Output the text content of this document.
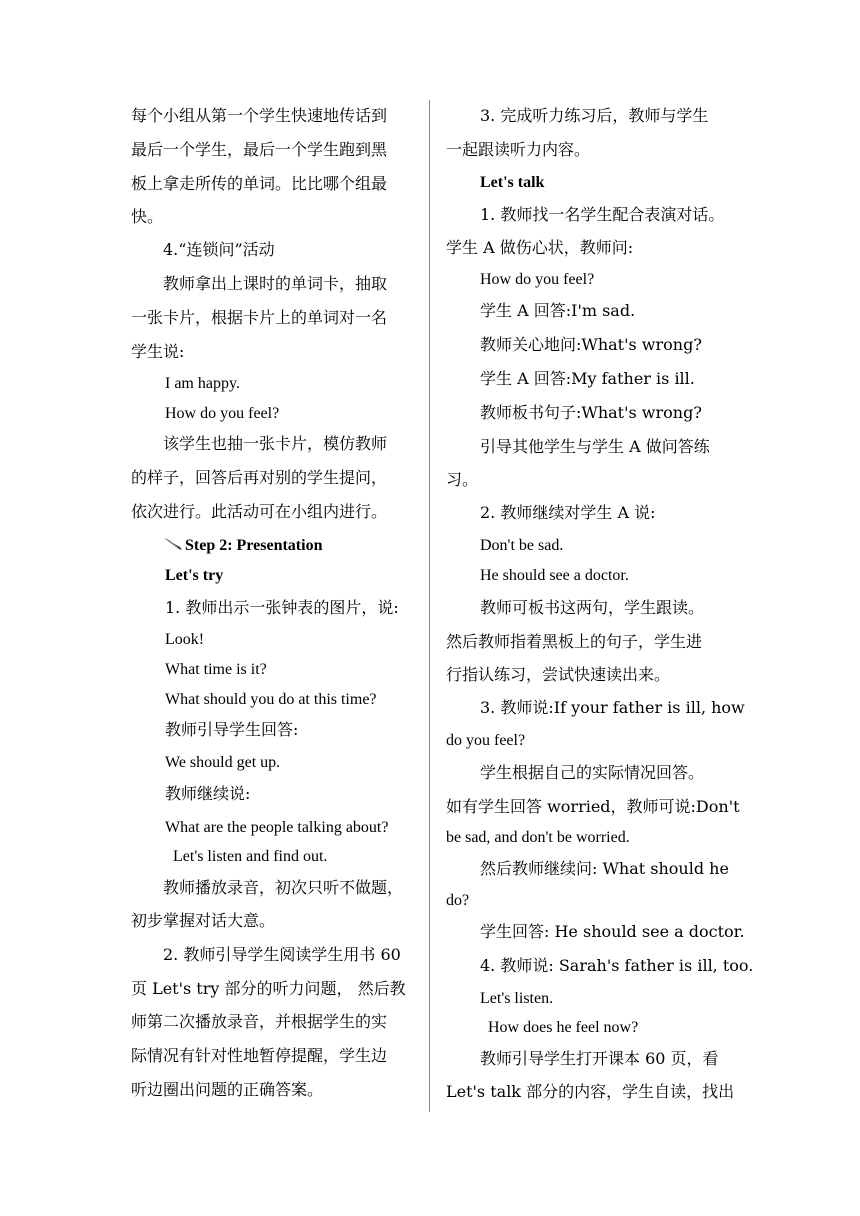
每个小组从第一个学生快速地传话到
最后一个学生，最后一个学生跑到黑
板上拿走所传的单词。比比哪个组最
快。
4.“连锁问”活动
教师拿出上课时的单词卡，抽取
一张卡片，根据卡片上的单词对一名
学生说:
I am happy.
How do you feel?
该学生也抽一张卡片，模仿教师
的样子，回答后再对别的学生提问，
依次进行。此活动可在小组内进行。
Step 2: Presentation
Let's try
1. 教师出示一张钟表的图片，说:
Look!
What time is it?
What should you do at this time?
教师引导学生回答:
We should get up.
教师继续说:
What are the people talking about?
Let's listen and find out.
教师播放录音，初次只听不做题，
初步掌握对话大意。
2. 教师引导学生阅读学生用书 60
页 Let's try 部分的听力问题， 然后教
师第二次播放录音，并根据学生的实
际情况有针对性地暂停提醒，学生边
听边圈出问题的正确答案。
3. 完成听力练习后，教师与学生
一起跟读听力内容。
Let's talk
1. 教师找一名学生配合表演对话。
学生 A 做伤心状，教师问:
How do you feel?
学生 A 回答:I'm sad.
教师关心地问:What's wrong?
学生 A 回答:My father is ill.
教师板书句子:What's wrong?
引导其他学生与学生 A 做问答练
习。
2. 教师继续对学生 A 说:
Don't be sad.
He should see a doctor.
教师可板书这两句，学生跟读。
然后教师指着黑板上的句子，学生进
行指认练习，尝试快速读出来。
3. 教师说:If your father is ill, how
do you feel?
学生根据自己的实际情况回答。
如有学生回答 worried，教师可说:Don't
be sad, and don't be worried.
然后教师继续问: What should he
do?
学生回答: He should see a doctor.
4. 教师说: Sarah's father is ill, too.
Let's listen.
How does he feel now?
教师引导学生打开课本 60 页，看
Let's talk 部分的内容，学生自读，找出
